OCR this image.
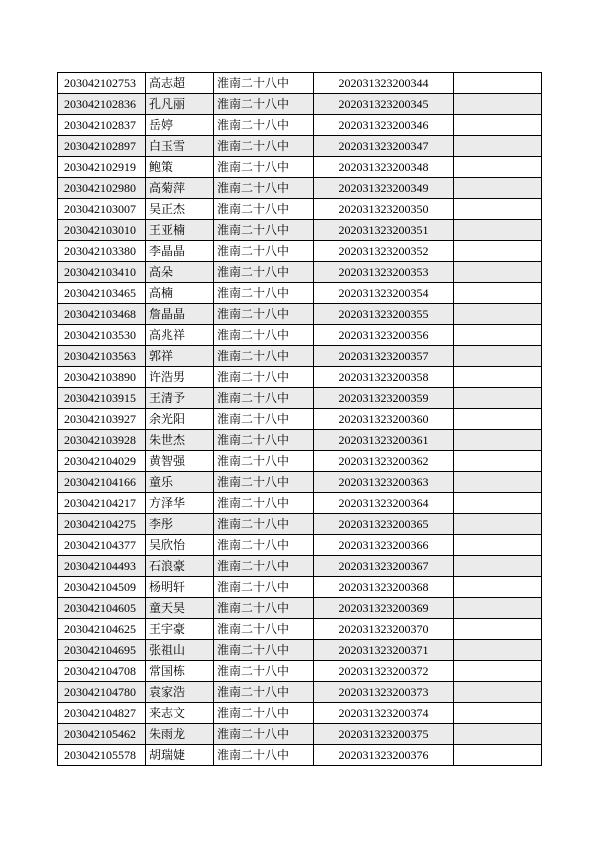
203042102753	高志超	淮南二十八中	202031323200344	
203042102836	孔凡丽	淮南二十八中	202031323200345	
203042102837	岳婷	淮南二十八中	202031323200346	
203042102897	白玉雪	淮南二十八中	202031323200347	
203042102919	鲍策	淮南二十八中	202031323200348	
203042102980	高菊萍	淮南二十八中	202031323200349	
203042103007	吴正杰	淮南二十八中	202031323200350	
203042103010	王亚楠	淮南二十八中	202031323200351	
203042103380	李晶晶	淮南二十八中	202031323200352	
203042103410	高朵	淮南二十八中	202031323200353	
203042103465	高楠	淮南二十八中	202031323200354	
203042103468	詹晶晶	淮南二十八中	202031323200355	
203042103530	高兆祥	淮南二十八中	202031323200356	
203042103563	郭祥	淮南二十八中	202031323200357	
203042103890	许浩男	淮南二十八中	202031323200358	
203042103915	王清予	淮南二十八中	202031323200359	
203042103927	余光阳	淮南二十八中	202031323200360	
203042103928	朱世杰	淮南二十八中	202031323200361	
203042104029	黄智强	淮南二十八中	202031323200362	
203042104166	童乐	淮南二十八中	202031323200363	
203042104217	方泽华	淮南二十八中	202031323200364	
203042104275	李彤	淮南二十八中	202031323200365	
203042104377	吴欣怡	淮南二十八中	202031323200366	
203042104493	石浪豪	淮南二十八中	202031323200367	
203042104509	杨明轩	淮南二十八中	202031323200368	
203042104605	童天昊	淮南二十八中	202031323200369	
203042104625	王宇豪	淮南二十八中	202031323200370	
203042104695	张祖山	淮南二十八中	202031323200371	
203042104708	常国栋	淮南二十八中	202031323200372	
203042104780	袁家浩	淮南二十八中	202031323200373	
203042104827	来志文	淮南二十八中	202031323200374	
203042105462	朱雨龙	淮南二十八中	202031323200375	
203042105578	胡瑞婕	淮南二十八中	202031323200376	
